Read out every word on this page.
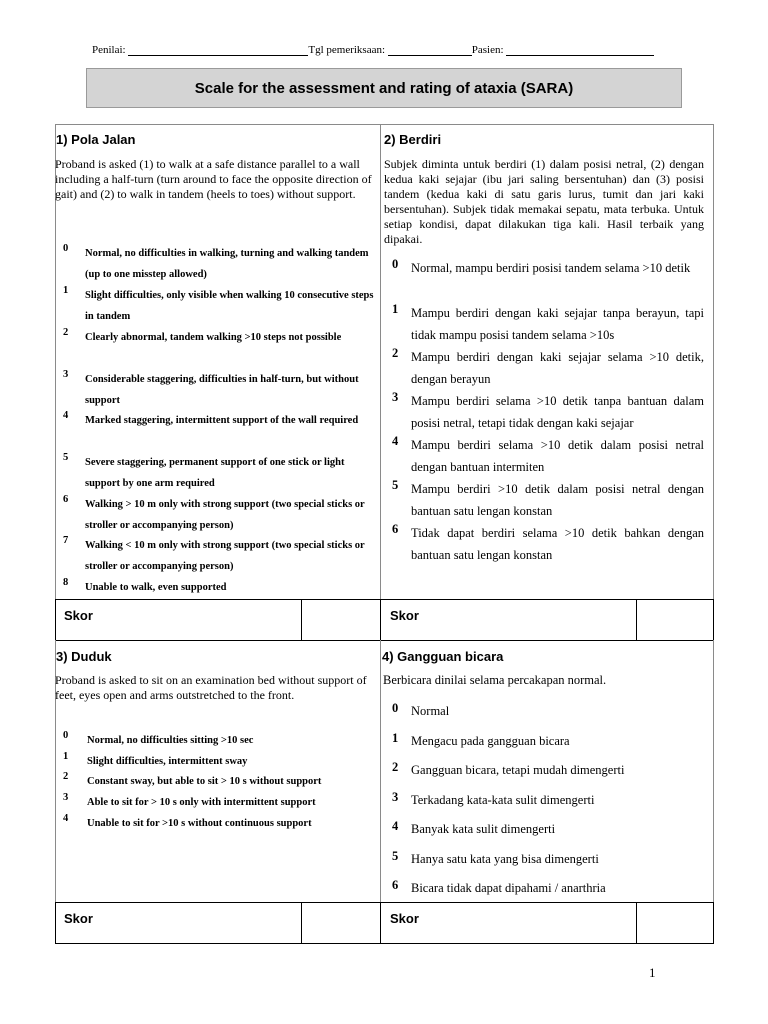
Penilai:	Tgl pemeriksaan:	Pasien:
Scale for the assessment and rating of ataxia (SARA)
1) Pola Jalan
Proband is asked (1) to walk at a safe distance parallel to a wall including a half-turn (turn around to face the opposite direction of gait) and (2) to walk in tandem (heels to toes) without support.
0	Normal, no difficulties in walking, turning and walking tandem (up to one misstep allowed)
1	Slight difficulties, only visible when walking 10 consecutive steps in tandem
2	Clearly abnormal, tandem walking >10 steps not possible
3	Considerable staggering, difficulties in half-turn, but without support
4	Marked staggering, intermittent support of the wall required
5	Severe staggering, permanent support of one stick or light support by one arm required
6	Walking > 10 m only with strong support (two special sticks or stroller or accompanying person)
7	Walking < 10 m only with strong support (two special sticks or stroller or accompanying person)
8	Unable to walk, even supported
2) Berdiri
Subjek diminta untuk berdiri (1) dalam posisi netral, (2) dengan kedua kaki sejajar (ibu jari saling bersentuhan) dan (3) posisi tandem (kedua kaki di satu garis lurus, tumit dan jari kaki bersentuhan). Subjek tidak memakai sepatu, mata terbuka. Untuk setiap kondisi, dapat dilakukan tiga kali. Hasil terbaik yang dipakai.
0	Normal, mampu berdiri posisi tandem selama >10 detik
1	Mampu berdiri dengan kaki sejajar tanpa berayun, tapi tidak mampu posisi tandem selama >10s
2	Mampu berdiri dengan kaki sejajar selama >10 detik, dengan berayun
3	Mampu berdiri selama >10 detik tanpa bantuan dalam posisi netral, tetapi tidak dengan kaki sejajar
4	Mampu berdiri selama >10 detik dalam posisi netral dengan bantuan intermiten
5	Mampu berdiri >10 detik dalam posisi netral dengan bantuan satu lengan konstan
6	Tidak dapat berdiri selama >10 detik bahkan dengan bantuan satu lengan konstan
Skor	Skor
3) Duduk
Proband is asked to sit on an examination bed without support of feet, eyes open and arms outstretched to the front.
0	Normal, no difficulties sitting >10 sec
1	Slight difficulties, intermittent sway
2	Constant sway, but able to sit > 10 s without support
3	Able to sit for > 10 s only with intermittent support
4	Unable to sit for >10 s without continuous support
4) Gangguan bicara
Berbicara dinilai selama percakapan normal.
0	Normal
1	Mengacu pada gangguan bicara
2	Gangguan bicara, tetapi mudah dimengerti
3	Terkadang kata-kata sulit dimengerti
4	Banyak kata sulit dimengerti
5	Hanya satu kata yang bisa dimengerti
6	Bicara tidak dapat dipahami / anarthria
Skor	Skor
1
